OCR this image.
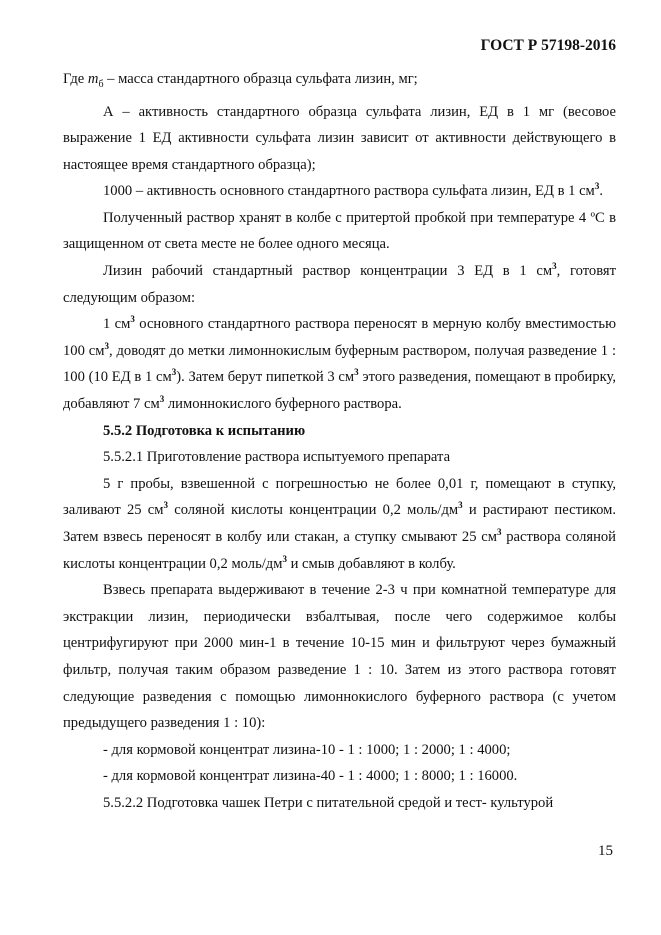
ГОСТ Р 57198-2016

Где $m_б$ – масса стандартного образца сульфата лизин, мг;

А – активность стандартного образца сульфата лизин, ЕД в 1 мг (весовое выражение 1 ЕД активности сульфата лизин зависит от активности действующего в настоящее время стандартного образца);

1000 – активность основного стандартного раствора сульфата лизин, ЕД в 1 $см^3$.

Полученный раствор хранят в колбе с притертой пробкой при температуре 4 ºC в защищенном от света месте не более одного месяца.

Лизин рабочий стандартный раствор концентрации 3 ЕД в 1 $см^3$, готовят следующим образом:

1 $см^3$ основного стандартного раствора переносят в мерную колбу вместимостью 100 $см^3$, доводят до метки лимоннокислым буферным раствором, получая разведение 1 : 100 (10 ЕД в 1 $см^3$). Затем берут пипеткой 3 $см^3$ этого разведения, помещают в пробирку, добавляют 7 $см^3$ лимоннокислого буферного раствора.

5.5.2 Подготовка к испытанию

5.5.2.1 Приготовление раствора испытуемого препарата

5 г пробы, взвешенной с погрешностью не более 0,01 г, помещают в ступку, заливают 25 $см^3$ соляной кислоты концентрации 0,2 моль/$дм^3$ и растирают пестиком. Затем взвесь переносят в колбу или стакан, а ступку смывают 25 $см^3$ раствора соляной кислоты концентрации 0,2 моль/$дм^3$ и смыв добавляют в колбу.

Взвесь препарата выдерживают в течение 2-3 ч при комнатной температуре для экстракции лизин, периодически взбалтывая, после чего содержимое колбы центрифугируют при 2000 мин-1 в течение 10-15 мин и фильтруют через бумажный фильтр, получая таким образом разведение 1 : 10. Затем из этого раствора готовят следующие разведения с помощью лимоннокислого буферного раствора (с учетом предыдущего разведения 1 : 10):

- для кормовой концентрат лизина-10 - 1 : 1000; 1 : 2000; 1 : 4000;

- для кормовой концентрат лизина-40 - 1 : 4000; 1 : 8000; 1 : 16000.

5.5.2.2 Подготовка чашек Петри с питательной средой и тест- культурой

15
